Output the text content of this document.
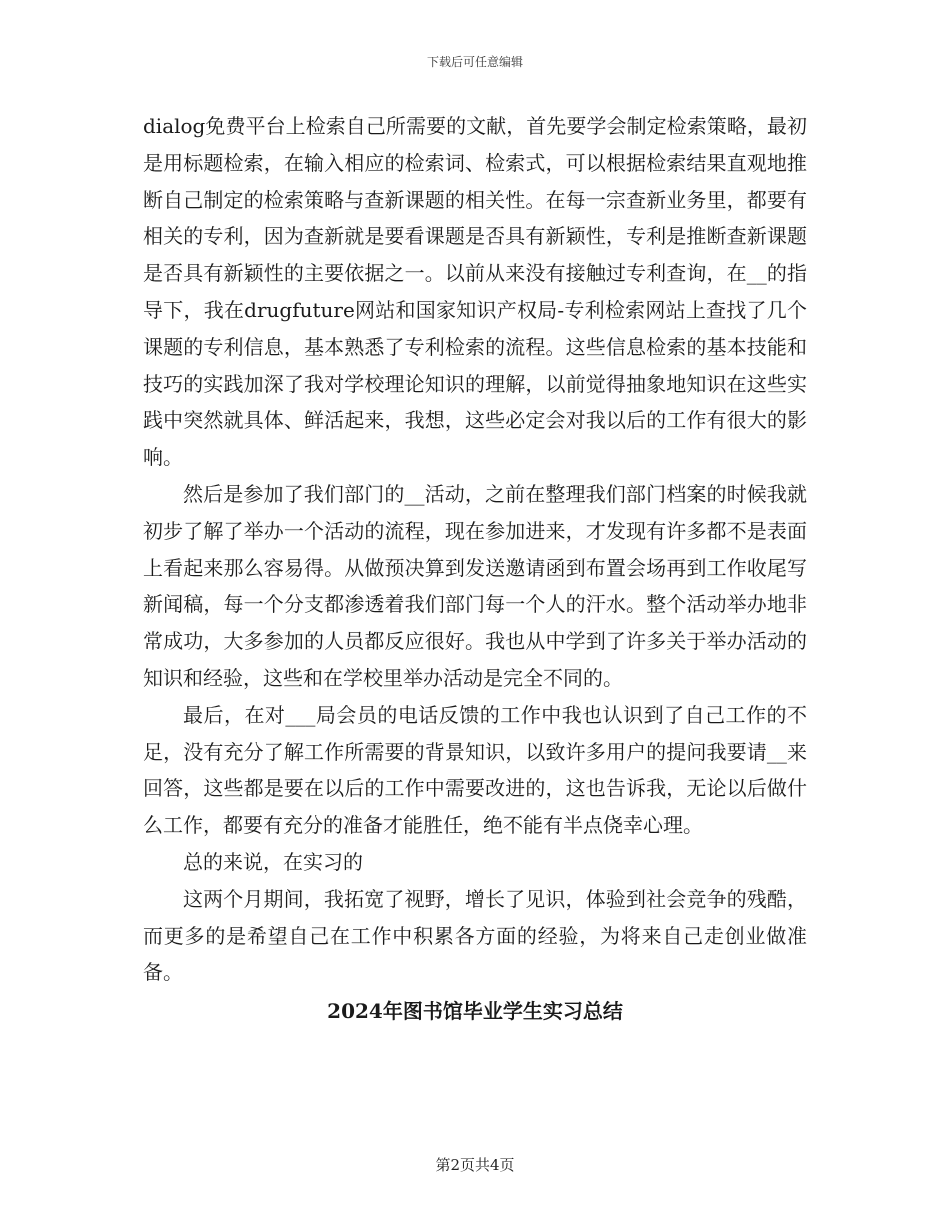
下载后可任意编辑

dialog免费平台上检索自己所需要的文献，首先要学会制定检索策略，最初是用标题检索，在输入相应的检索词、检索式，可以根据检索结果直观地推断自己制定的检索策略与查新课题的相关性。在每一宗查新业务里，都要有相关的专利，因为查新就是要看课题是否具有新颖性，专利是推断查新课题是否具有新颖性的主要依据之一。以前从来没有接触过专利查询，在__的指导下，我在drugfuture网站和国家知识产权局-专利检索网站上查找了几个课题的专利信息，基本熟悉了专利检索的流程。这些信息检索的基本技能和技巧的实践加深了我对学校理论知识的理解，以前觉得抽象地知识在这些实践中突然就具体、鲜活起来，我想，这些必定会对我以后的工作有很大的影响。

然后是参加了我们部门的__活动，之前在整理我们部门档案的时候我就初步了解了举办一个活动的流程，现在参加进来，才发现有许多都不是表面上看起来那么容易得。从做预决算到发送邀请函到布置会场再到工作收尾写新闻稿，每一个分支都渗透着我们部门每一个人的汗水。整个活动举办地非常成功，大多参加的人员都反应很好。我也从中学到了许多关于举办活动的知识和经验，这些和在学校里举办活动是完全不同的。

最后，在对___局会员的电话反馈的工作中我也认识到了自己工作的不足，没有充分了解工作所需要的背景知识，以致许多用户的提问我要请__来回答，这些都是要在以后的工作中需要改进的，这也告诉我，无论以后做什么工作，都要有充分的准备才能胜任，绝不能有半点侥幸心理。

总的来说，在实习的

这两个月期间，我拓宽了视野，增长了见识，体验到社会竞争的残酷，而更多的是希望自己在工作中积累各方面的经验，为将来自己走创业做准备。

2024年图书馆毕业学生实习总结
第2页共4页
